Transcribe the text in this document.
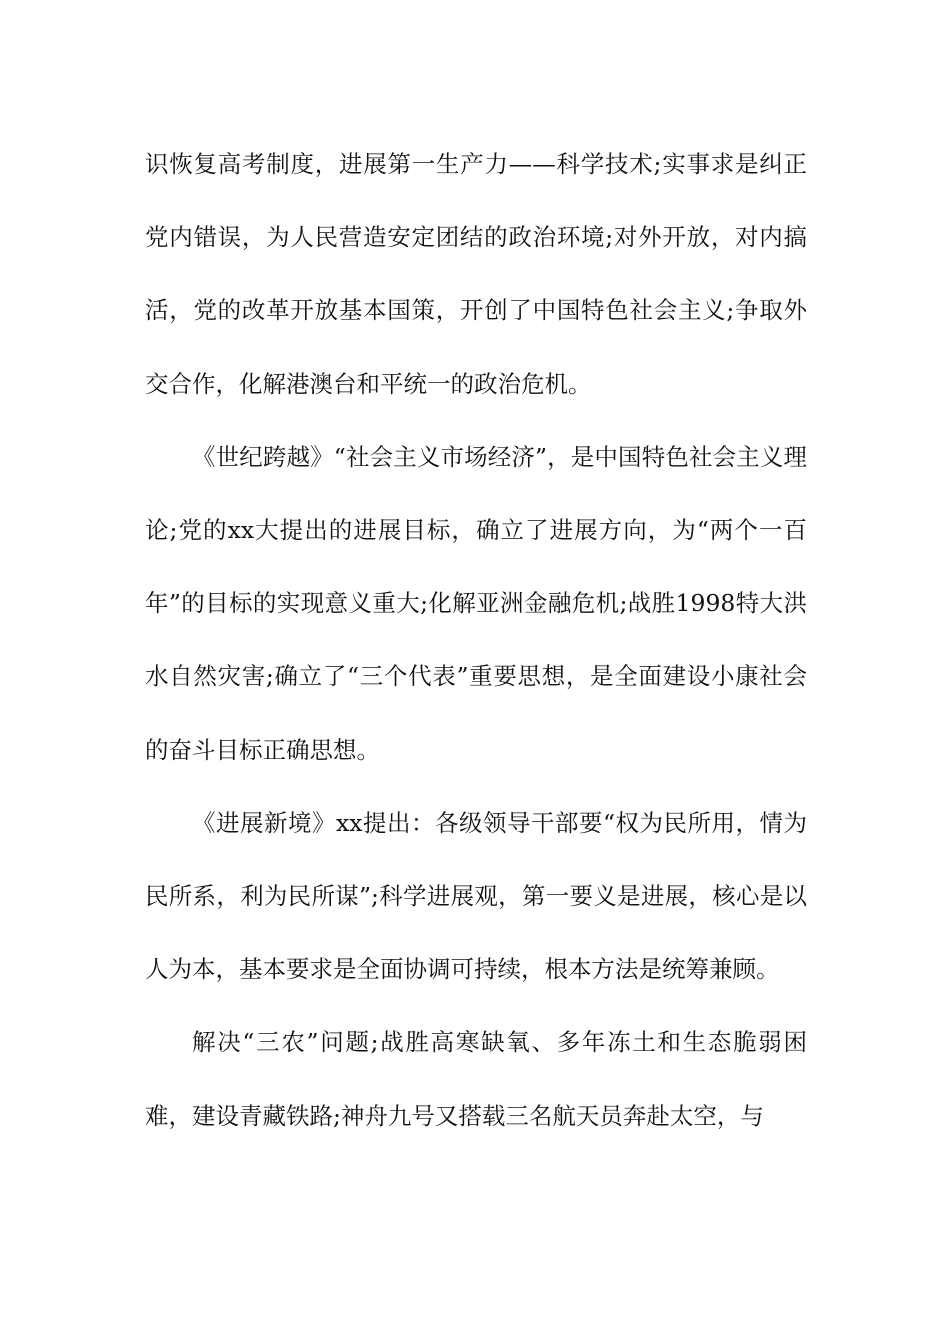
识恢复高考制度，进展第一生产力——科学技术;实事求是纠正党内错误，为人民营造安定团结的政治环境;对外开放，对内搞活，党的改革开放基本国策，开创了中国特色社会主义;争取外交合作，化解港澳台和平统一的政治危机。

《世纪跨越》“社会主义市场经济”，是中国特色社会主义理论;党的xx大提出的进展目标，确立了进展方向，为“两个一百年”的目标的实现意义重大;化解亚洲金融危机;战胜1998特大洪水自然灾害;确立了“三个代表”重要思想，是全面建设小康社会的奋斗目标正确思想。

《进展新境》xx提出：各级领导干部要“权为民所用，情为民所系，利为民所谋”;科学进展观，第一要义是进展，核心是以人为本，基本要求是全面协调可持续，根本方法是统筹兼顾。

解决“三农”问题;战胜高寒缺氧、多年冻土和生态脆弱困难，建设青藏铁路;神舟九号又搭载三名航天员奔赴太空，与
